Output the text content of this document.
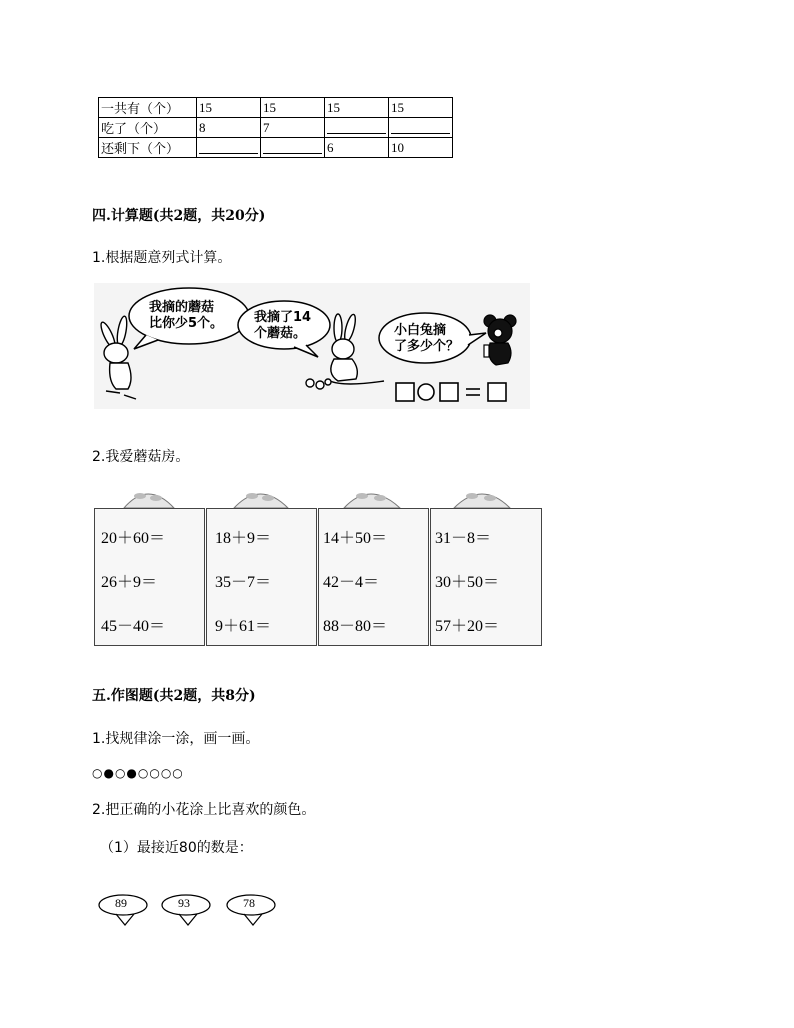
一共有（个）	15	15	15	15
吃了（个）	8	7	

还剩下（个）			6	10
四.计算题(共2题，共20分)
1.根据题意列式计算。
我摘的蘑菇
比你少5个。 我摘了14
个蘑菇。	小白兔摘
了多少个？
2.我爱蘑菇房。
20＋60＝
26＋9＝
45－40＝
18＋9＝
35－7＝
9＋61＝
14＋50＝
42－4＝
88－80＝
31－8＝
30＋50＝
57＋20＝
五.作图题(共2题，共8分)
1.找规律涂一涂，画一画。
○●○●○○○○
2.把正确的小花涂上比喜欢的颜色。
（1）最接近80的数是：
89	93	78
